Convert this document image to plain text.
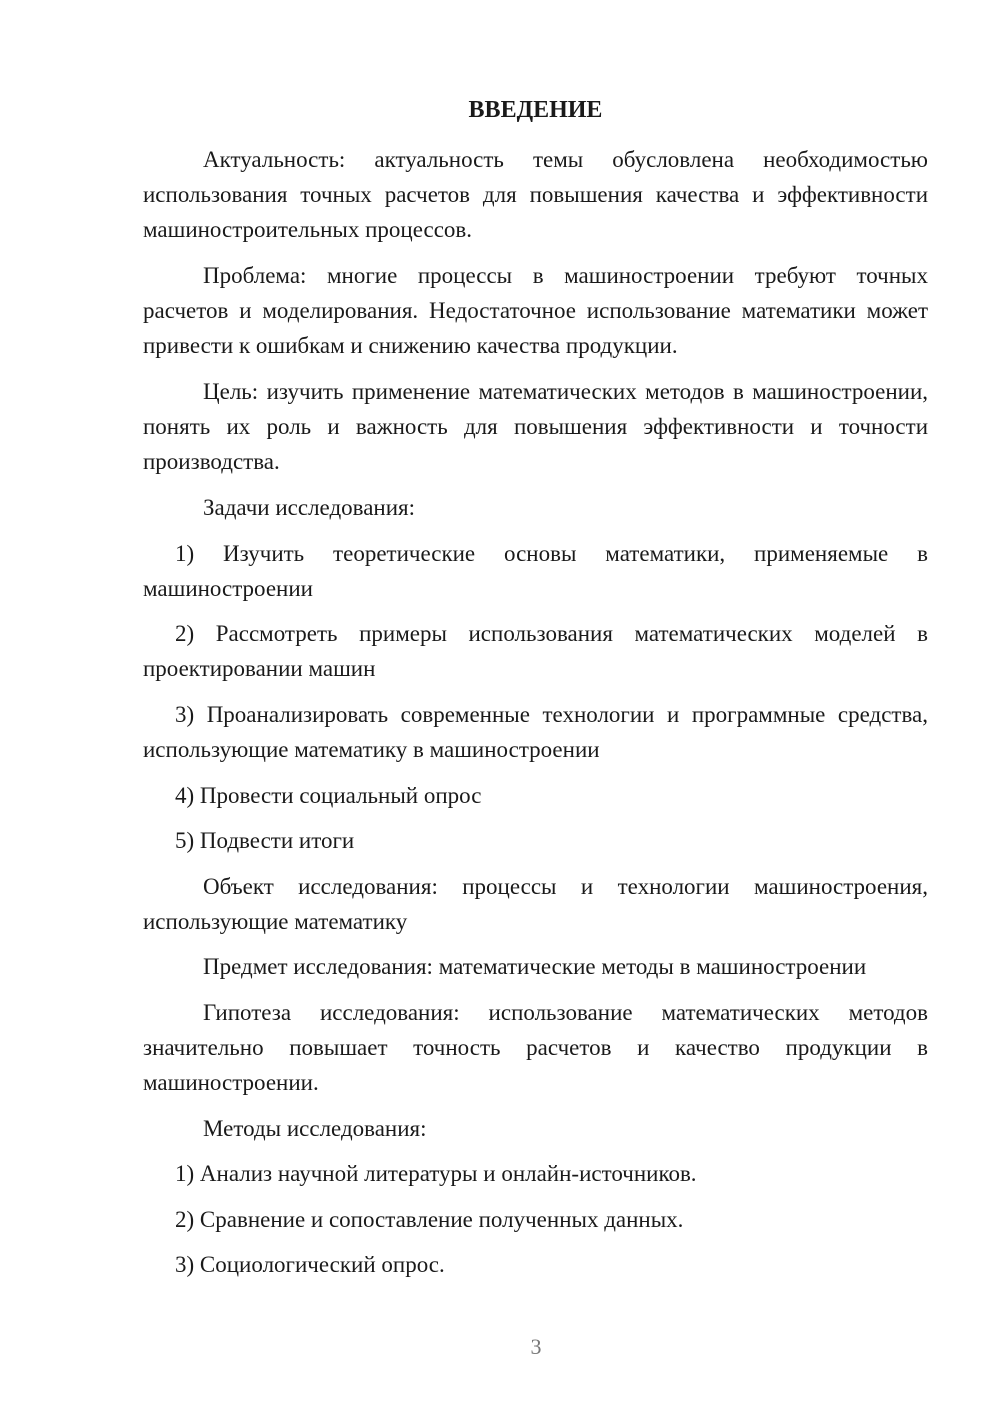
ВВЕДЕНИЕ

Актуальность: актуальность темы обусловлена необходимостью использования точных расчетов для повышения качества и эффективности машиностроительных процессов.

Проблема: многие процессы в машиностроении требуют точных расчетов и моделирования. Недостаточное использование математики может привести к ошибкам и снижению качества продукции.

Цель: изучить применение математических методов в машиностроении, понять их роль и важность для повышения эффективности и точности производства.

Задачи исследования:

1) Изучить теоретические основы математики, применяемые в машиностроении

2) Рассмотреть примеры использования математических моделей в проектировании машин

3) Проанализировать современные технологии и программные средства, использующие математику в машиностроении

4) Провести социальный опрос

5) Подвести итоги

Объект исследования: процессы и технологии машиностроения, использующие математику

Предмет исследования: математические методы в машиностроении

Гипотеза исследования: использование математических методов значительно повышает точность расчетов и качество продукции в машиностроении.

Методы исследования:

1) Анализ научной литературы и онлайн-источников.

2) Сравнение и сопоставление полученных данных.

3) Социологический опрос.

3
